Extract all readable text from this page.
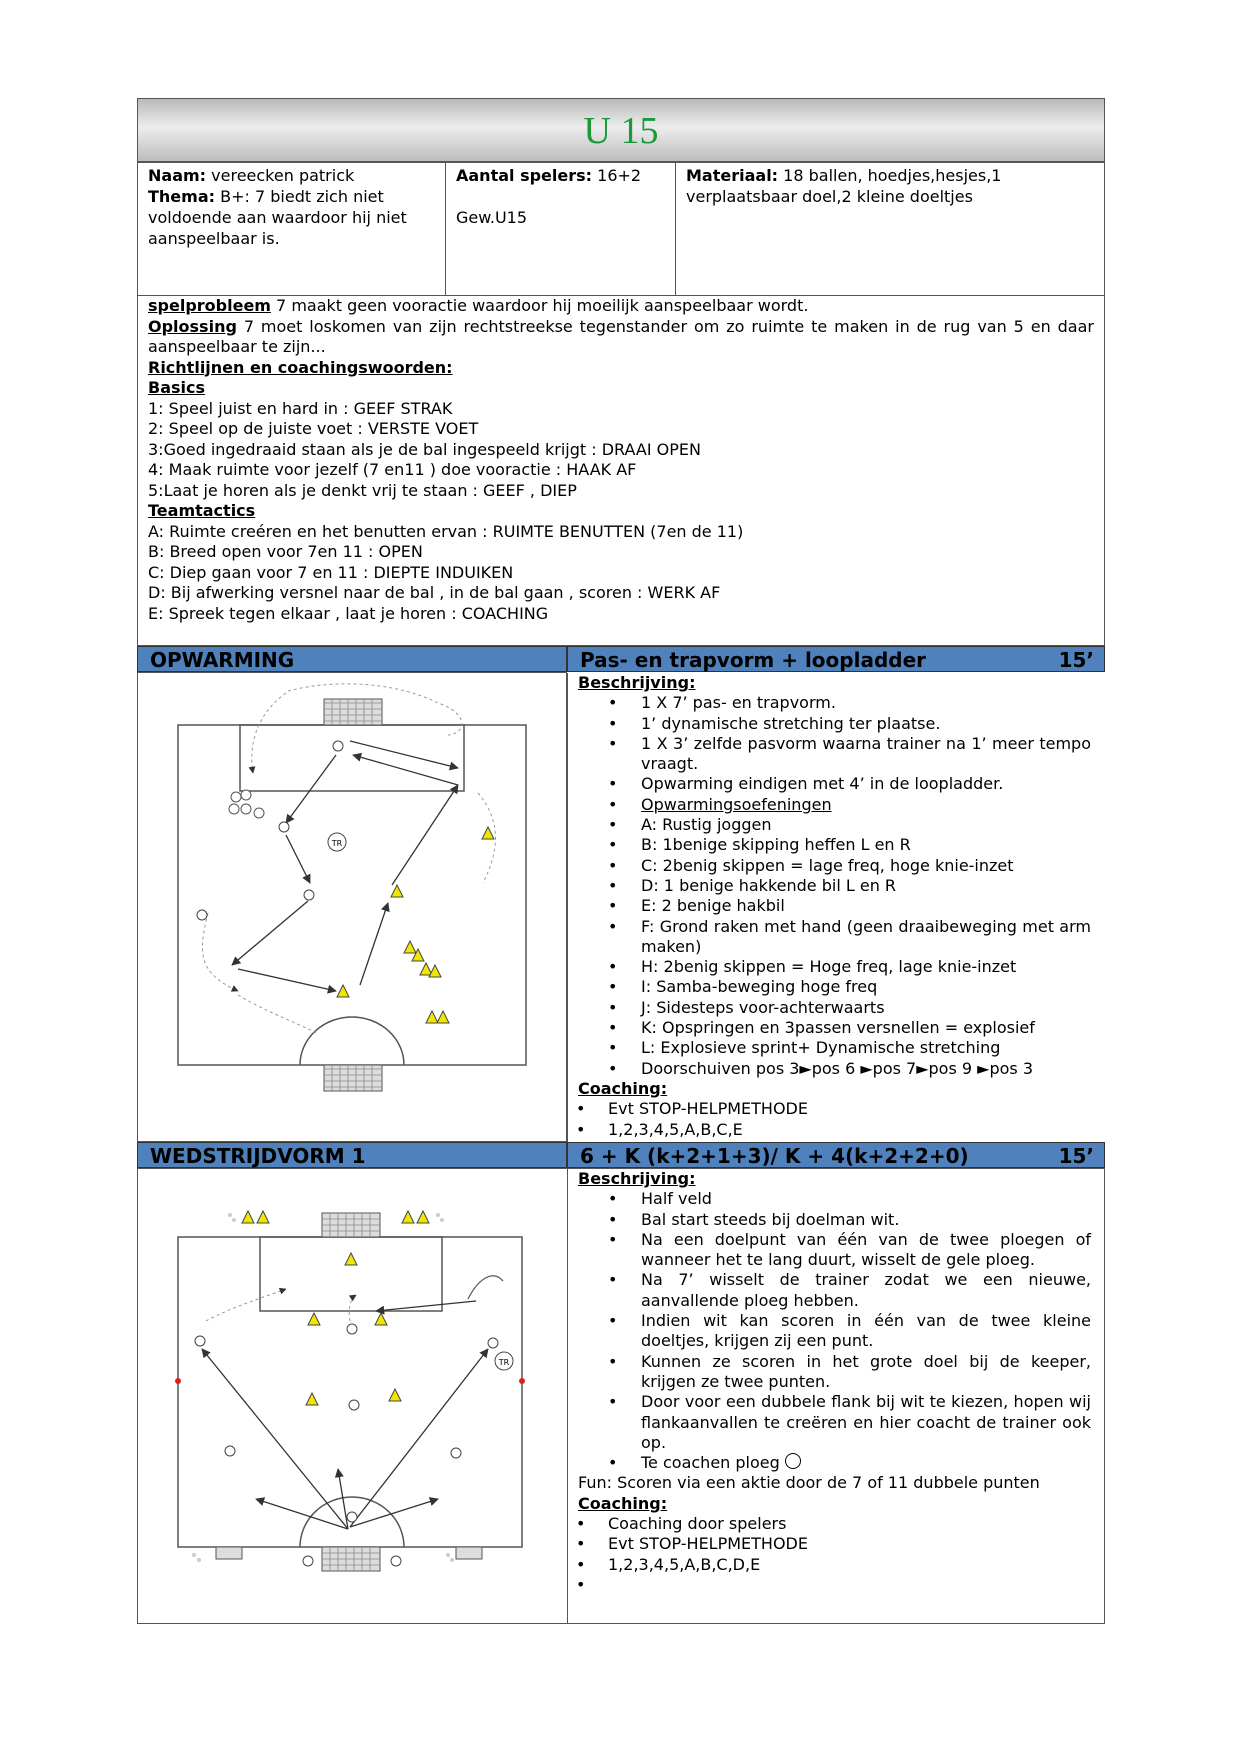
U 15
Naam: vereecken patrick
Thema: B+: 7 biedt zich niet voldoende aan waardoor hij niet aanspeelbaar is.
Aantal spelers: 16+2

Gew.U15
Materiaal: 18 ballen, hoedjes,hesjes,1 verplaatsbaar doel,2 kleine doeltjes
spelprobleem 7 maakt geen vooractie waardoor hij moeilijk aanspeelbaar wordt.
Oplossing 7 moet loskomen van zijn rechtstreekse tegenstander om zo ruimte te maken in de rug van 5 en daar aanspeelbaar te zijn...
Richtlijnen en coachingswoorden:
Basics
1: Speel juist en hard in : GEEF STRAK
2: Speel op de juiste voet : VERSTE VOET
3:Goed ingedraaid staan als je de bal ingespeeld krijgt : DRAAI OPEN
4: Maak ruimte voor jezelf (7 en11 ) doe vooractie : HAAK AF
5:Laat je horen als je denkt vrij te staan : GEEF , DIEP
Teamtactics
A: Ruimte creéren en het benutten ervan : RUIMTE BENUTTEN (7en de 11)
B: Breed open voor 7en 11 : OPEN
C: Diep gaan voor 7 en 11 : DIEPTE INDUIKEN
D: Bij afwerking versnel naar de bal , in de bal gaan , scoren : WERK AF
E: Spreek tegen elkaar , laat je horen : COACHING
OPWARMING	Pas- en trapvorm + loopladder	15’
TR
Beschrijving:
• 1 X 7’ pas- en trapvorm.
• 1’ dynamische stretching ter plaatse.
• 1 X 3’ zelfde pasvorm waarna trainer na 1’ meer tempo vraagt.
• Opwarming eindigen met 4’ in de loopladder.
• Opwarmingsoefeningen
• A: Rustig joggen
• B: 1benige skipping heffen L en R
• C: 2benig skippen = lage freq, hoge knie-inzet
• D: 1 benige hakkende bil L en R
• E: 2 benige hakbil
• F: Grond raken met hand (geen draaibeweging met arm maken)
• H: 2benig skippen = Hoge freq, lage knie-inzet
• I: Samba-beweging hoge freq
• J: Sidesteps voor-achterwaarts
• K: Opspringen en 3passen versnellen = explosief
• L: Explosieve sprint+ Dynamische stretching
• Doorschuiven pos 3►pos 6 ►pos 7►pos 9 ►pos 3
Coaching:
• Evt STOP-HELPMETHODE
• 1,2,3,4,5,A,B,C,E
WEDSTRIJDVORM 1	6 + K (k+2+1+3)/ K + 4(k+2+2+0)	15’
TR
Beschrijving:
• Half veld
• Bal start steeds bij doelman wit.
• Na een doelpunt van één van de twee ploegen of wanneer het te lang duurt, wisselt de gele ploeg.
• Na 7’ wisselt de trainer zodat we een nieuwe, aanvallende ploeg hebben.
• Indien wit kan scoren in één van de twee kleine doeltjes, krijgen zij een punt.
• Kunnen ze scoren in het grote doel bij de keeper, krijgen ze twee punten.
• Door voor een dubbele flank bij wit te kiezen, hopen wij flankaanvallen te creëren en hier coacht de trainer ook op.
• Te coachen ploeg
Fun: Scoren via een aktie door de 7 of 11 dubbele punten
Coaching:
• Coaching door spelers
• Evt STOP-HELPMETHODE
• 1,2,3,4,5,A,B,C,D,E
•
